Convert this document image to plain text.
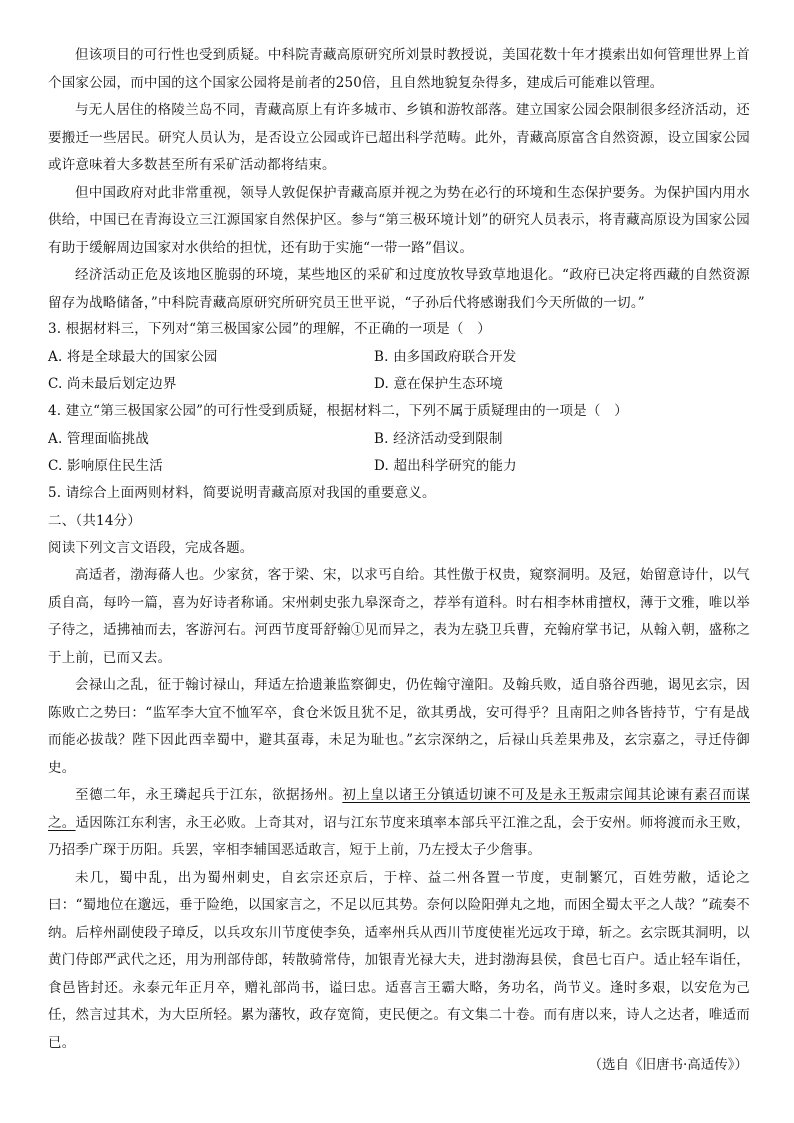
但该项目的可行性也受到质疑。中科院青藏高原研究所刘景时教授说，美国花数十年才摸索出如何管理世界上首个国家公园，而中国的这个国家公园将是前者的250倍，且自然地貌复杂得多，建成后可能难以管理。

与无人居住的格陵兰岛不同，青藏高原上有许多城市、乡镇和游牧部落。建立国家公园会限制很多经济活动，还要搬迁一些居民。研究人员认为，是否设立公园或许已超出科学范畴。此外，青藏高原富含自然资源，设立国家公园或许意味着大多数甚至所有采矿活动都将结束。

但中国政府对此非常重视，领导人敦促保护青藏高原并视之为势在必行的环境和生态保护要务。为保护国内用水供给，中国已在青海设立三江源国家自然保护区。参与“第三极环境计划”的研究人员表示，将青藏高原设为国家公园有助于缓解周边国家对水供给的担忧，还有助于实施“一带一路”倡议。

经济活动正危及该地区脆弱的环境，某些地区的采矿和过度放牧导致草地退化。“政府已决定将西藏的自然资源留存为战略储备，”中科院青藏高原研究所研究员王世平说，“子孙后代将感谢我们今天所做的一切。”

3. 根据材料三，下列对“第三极国家公园”的理解，不正确的一项是（　）

A. 将是全球最大的国家公园	B. 由多国政府联合开发
C. 尚未最后划定边界	D. 意在保护生态环境

4. 建立“第三极国家公园”的可行性受到质疑，根据材料二，下列不属于质疑理由的一项是（　）

A. 管理面临挑战	B. 经济活动受到限制
C. 影响原住民生活	D. 超出科学研究的能力

5. 请综合上面两则材料，简要说明青藏高原对我国的重要意义。

二、（共14分）

阅读下列文言文语段，完成各题。

高适者，渤海蓨人也。少家贫，客于梁、宋，以求丐自给。其性傲于权贵，窥察洞明。及冠，始留意诗什，以气质自高，每吟一篇，喜为好诗者称诵。宋州刺史张九皋深奇之，荐举有道科。时右相李林甫擅权，薄于文雅，唯以举子待之，适拂袖而去，客游河右。河西节度哥舒翰①见而异之，表为左骁卫兵曹，充翰府掌书记，从翰入朝，盛称之于上前，已而又去。

会禄山之乱，征于翰讨禄山，拜适左拾遗兼监察御史，仍佐翰守潼阳。及翰兵败，适自骆谷西驰，谒见玄宗，因陈败亡之势曰：“监军李大宜不恤军卒，食仓米饭且犹不足，欲其勇战，安可得乎？且南阳之帅各皆持节，宁有是战而能必拔哉？陛下因此西幸蜀中，避其虿毒，未足为耻也。”玄宗深纳之，后禄山兵差果弗及，玄宗嘉之，寻迁侍御史。

至德二年，永王璘起兵于江东，欲据扬州。初上皇以诸王分镇适切谏不可及是永王叛肃宗闻其论谏有素召而谋之。适因陈江东利害，永王必败。上奇其对，诏与江东节度来瑱率本部兵平江淮之乱，会于安州。师将渡而永王败，乃招季广琛于历阳。兵罢，宰相李辅国恶适敢言，短于上前，乃左授太子少詹事。

未几，蜀中乱，出为蜀州刺史，自玄宗还京后，于梓、益二州各置一节度，吏制繁冗，百姓劳敝，适论之曰：“蜀地位在邈远，垂于险绝，以国家言之，不足以厄其势。奈何以险阳弹丸之地，而困全蜀太平之人哉？”疏奏不纳。后梓州副使段子璋反，以兵攻东川节度使李奂，适率州兵从西川节度使崔光远攻于璋，斩之。玄宗既其洞明，以黄门侍郎严武代之还，用为刑部侍郎，转散骑常侍，加银青光禄大夫，进封渤海县侯，食邑七百户。适止轻车诣任，食邑皆封还。永泰元年正月卒，赠礼部尚书，谥曰忠。适喜言王霸大略，务功名，尚节义。逢时多艰，以安危为己任，然言过其术，为大臣所轻。累为藩牧，政存宽简，吏民便之。有文集二十卷。而有唐以来，诗人之达者，唯适而已。

（选自《旧唐书·高适传》）
